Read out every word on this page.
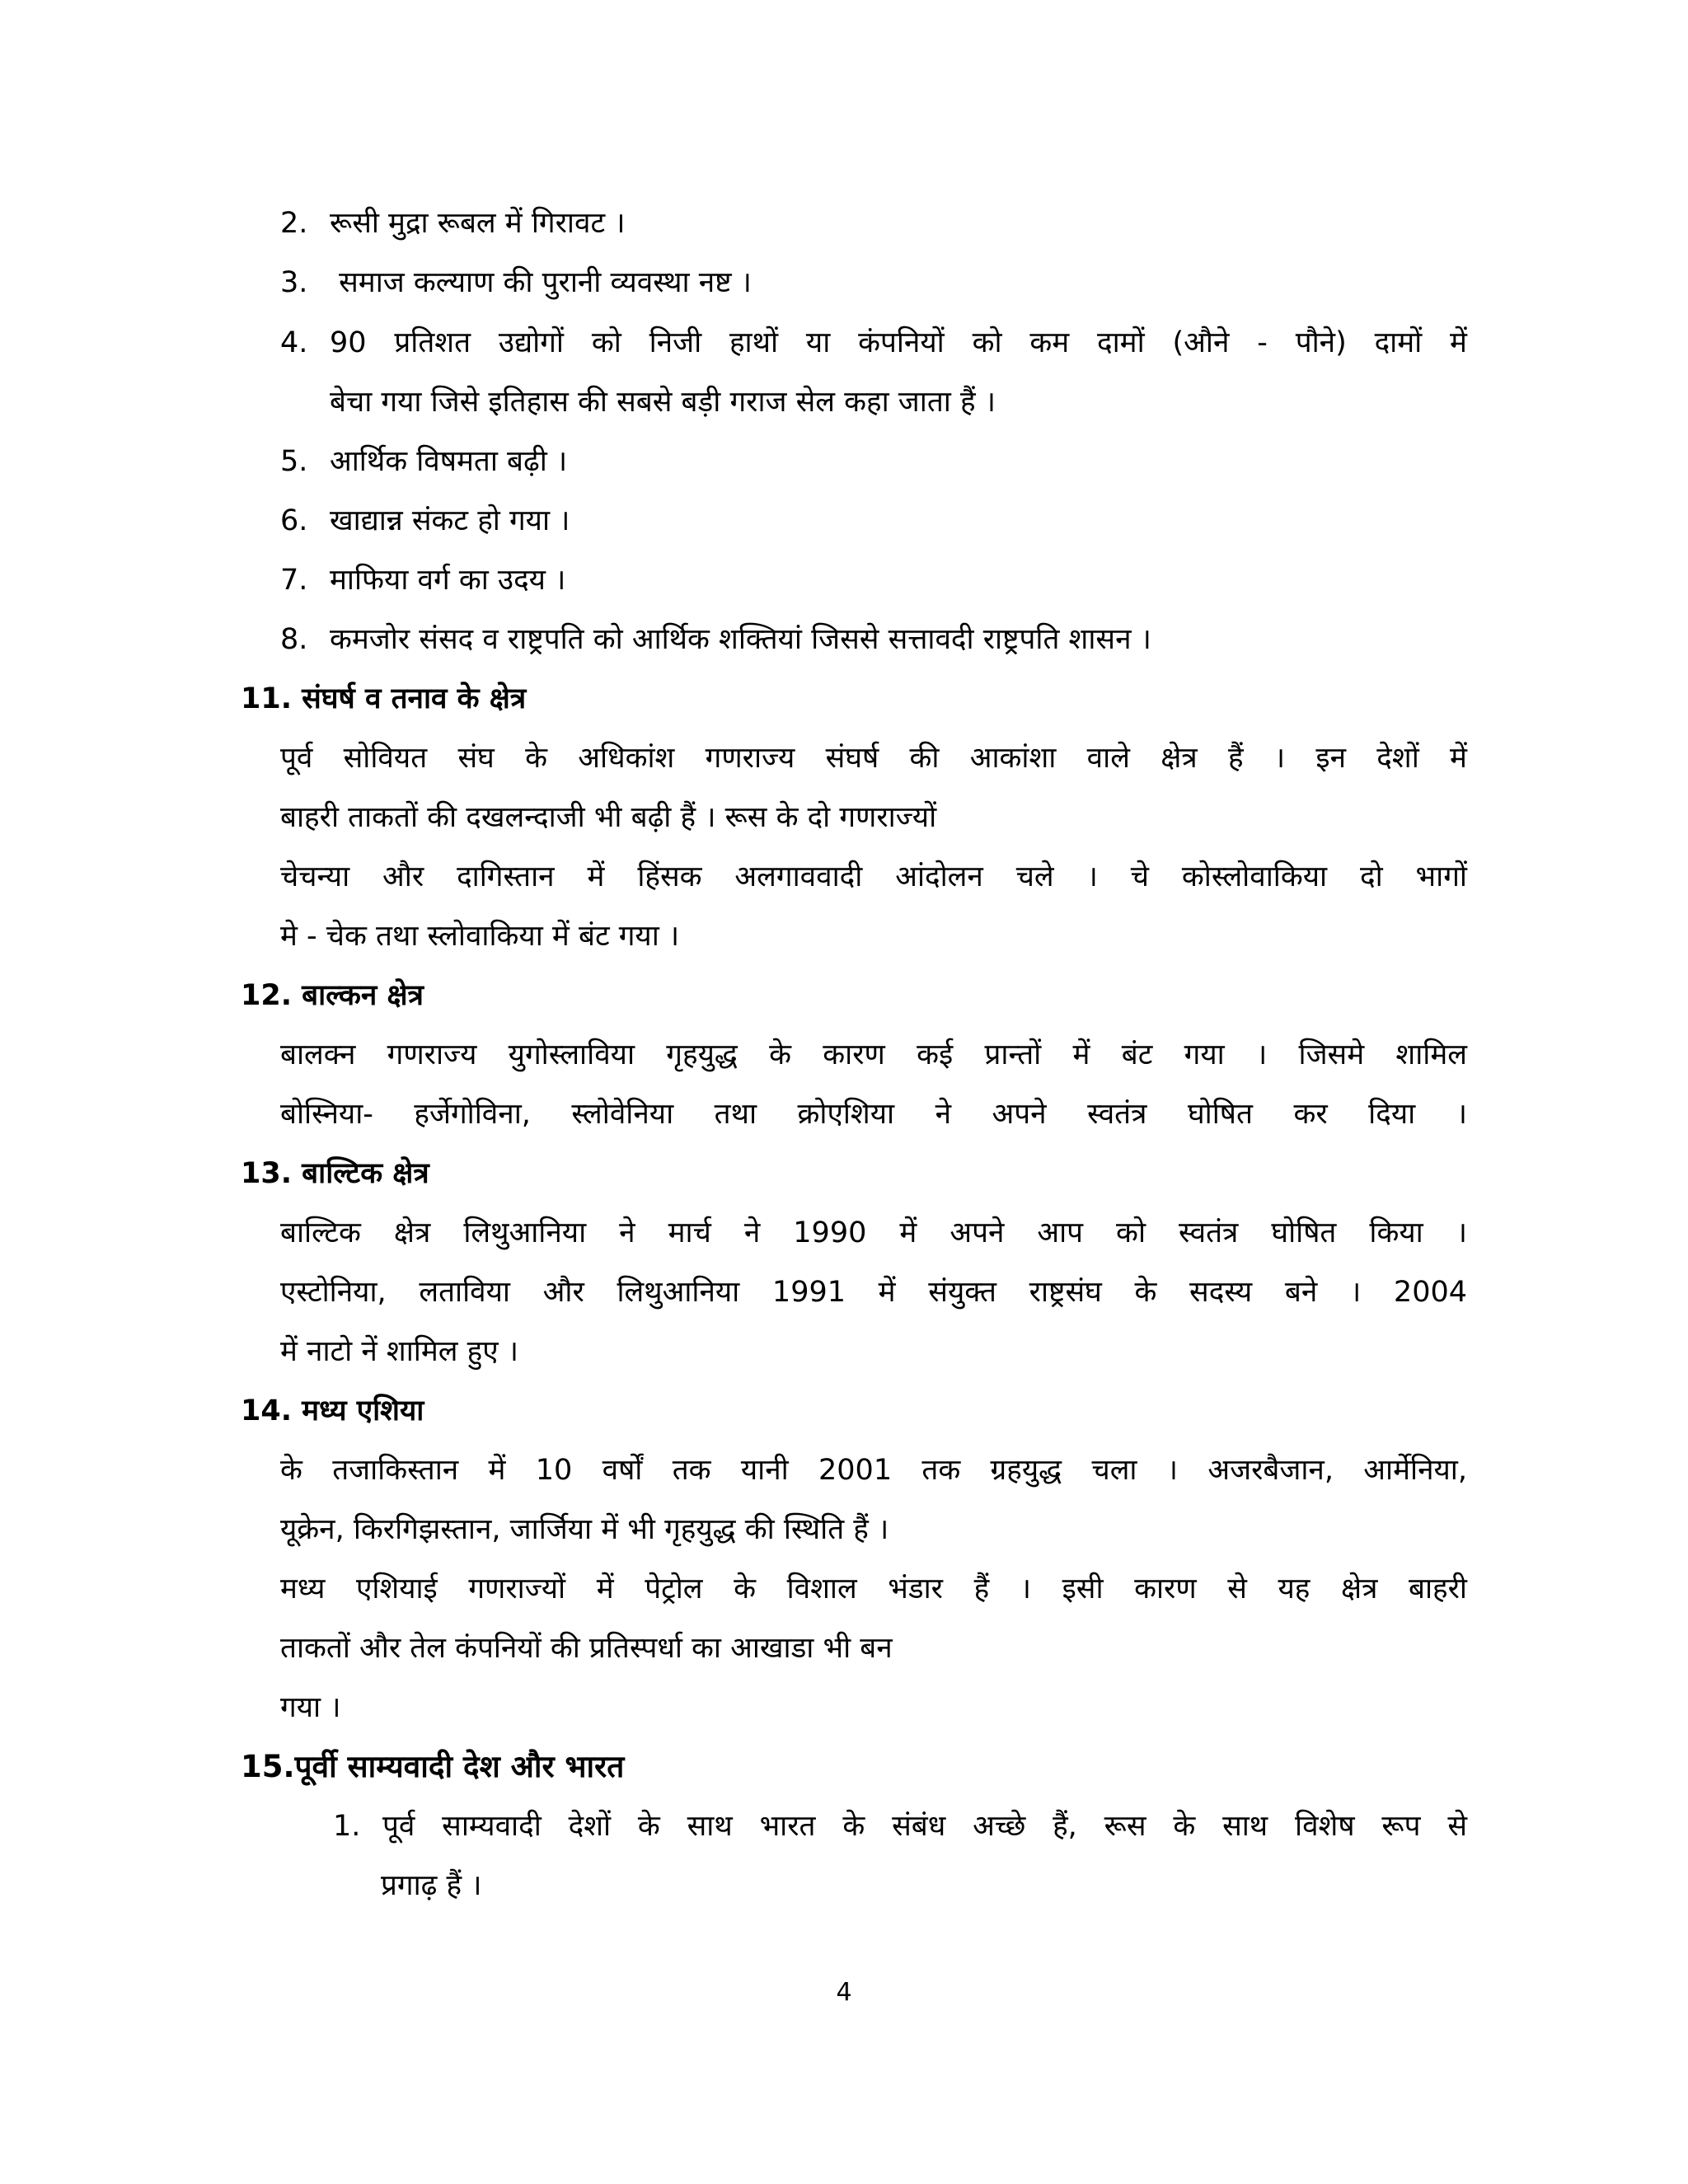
2. रूसी मुद्रा रूबल में गिरावट ।
3. समाज कल्याण की पुरानी व्यवस्था नष्ट ।
4. 90 प्रतिशत उद्योगों को निजी हाथों या कंपनियों को कम दामों (औने - पौने) दामों में
बेचा गया जिसे इतिहास की सबसे बड़ी गराज सेल कहा जाता हैं ।
5. आर्थिक विषमता बढ़ी ।
6. खाद्यान्न संकट हो गया ।
7. माफिया वर्ग का उदय ।
8. कमजोर संसद व राष्ट्रपति को आर्थिक शक्तियां जिससे सत्तावदी राष्ट्रपति शासन ।
11. संघर्ष व तनाव के क्षेत्र
पूर्व सोवियत संघ के अधिकांश गणराज्य संघर्ष की आकांशा वाले क्षेत्र हैं । इन देशों में
बाहरी ताकतों की दखलन्दाजी भी बढ़ी हैं । रूस के दो गणराज्यों
चेचन्या और दागिस्तान में हिंसक अलगाववादी आंदोलन चले । चे कोस्लोवाकिया दो भागों
मे - चेक तथा स्लोवाकिया में बंट गया ।
12. बाल्कन क्षेत्र
बालक्न गणराज्य युगोस्लाविया गृहयुद्ध के कारण कई प्रान्तों में बंट गया । जिसमे शामिल
बोस्निया- हर्जेगोविना, स्लोवेनिया तथा क्रोएशिया ने अपने स्वतंत्र घोषित कर दिया ।
13. बाल्टिक क्षेत्र
बाल्टिक क्षेत्र लिथुआनिया ने मार्च ने 1990 में अपने आप को स्वतंत्र घोषित किया ।
एस्टोनिया, लताविया और लिथुआनिया 1991 में संयुक्त राष्ट्रसंघ के सदस्य बने । 2004
में नाटो नें शामिल हुए ।
14. मध्य एशिया
के तजाकिस्तान में 10 वर्षों तक यानी 2001 तक ग्रहयुद्ध चला । अजरबैजान, आर्मेनिया,
यूक्रेन, किरगिझस्तान, जार्जिया में भी गृहयुद्ध की स्थिति हैं ।
मध्य एशियाई गणराज्यों में पेट्रोल के विशाल भंडार हैं । इसी कारण से यह क्षेत्र बाहरी
ताकतों और तेल कंपनियों की प्रतिस्पर्धा का आखाडा भी बन
गया ।
15.पूर्वी साम्यवादी देश और भारत
1. पूर्व साम्यवादी देशों के साथ भारत के संबंध अच्छे हैं, रूस के साथ विशेष रूप से
प्रगाढ़ हैं ।
4
